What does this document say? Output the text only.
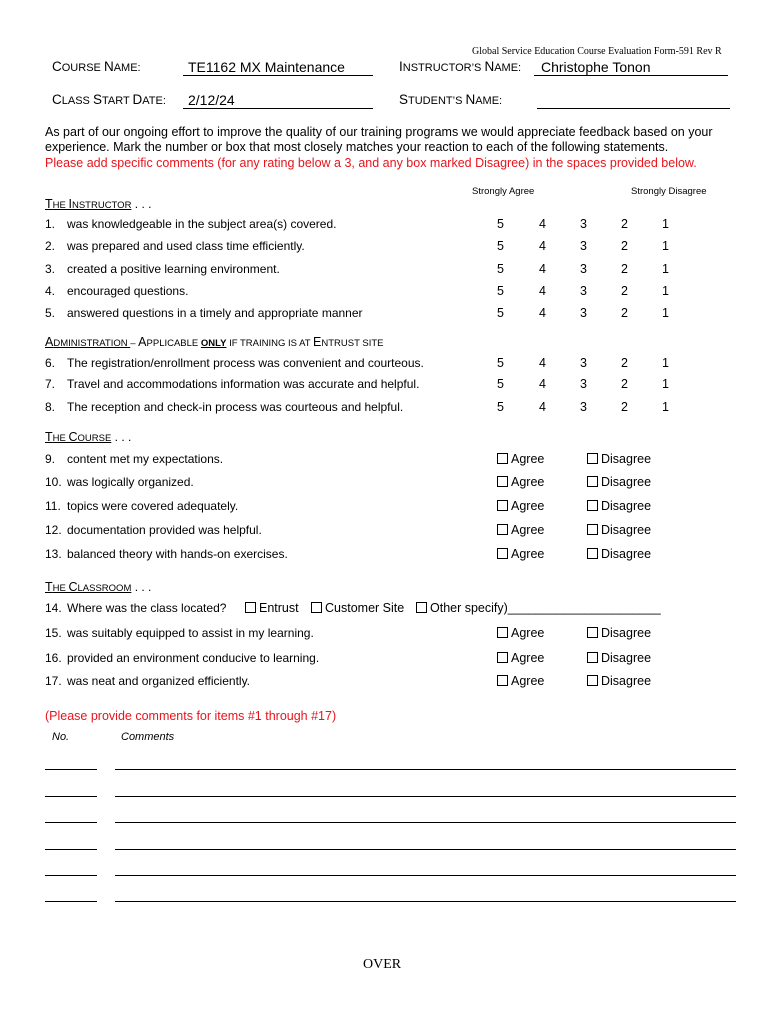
Global Service Education Course Evaluation Form-591 Rev R
COURSE NAME:	TE1162 MX Maintenance	INSTRUCTOR’S NAME: Christophe Tonon
CLASS START DATE: 2/12/24	STUDENT’S NAME:
As part of our ongoing effort to improve the quality of our training programs we would appreciate feedback based on your
experience. Mark the number or box that most closely matches your reaction to each of the following statements.
Please add specific comments (for any rating below a 3, and any box marked Disagree) in the spaces provided below.
Strongly Agree	Strongly Disagree
THE INSTRUCTOR . . .
1. was knowledgeable in the subject area(s) covered.	5	4	3	2	1
2. was prepared and used class time efficiently.	5	4	3	2	1
3. created a positive learning environment.	5	4	3	2	1
4. encouraged questions.	5	4	3	2	1
5. answered questions in a timely and appropriate manner	5	4	3	2	1
ADMINISTRATION – APPLICABLE ONLY IF TRAINING IS AT ENTRUST SITE
6. The registration/enrollment process was convenient and courteous.	5	4	3	2	1
7. Travel and accommodations information was accurate and helpful.	5	4	3	2	1
8. The reception and check-in process was courteous and helpful.	5	4	3	2	1
THE COURSE . . .
9. content met my expectations.	Agree	Disagree
10. was logically organized.	Agree	Disagree
11. topics were covered adequately.	Agree	Disagree
12. documentation provided was helpful.	Agree	Disagree
13. balanced theory with hands-on exercises.	Agree	Disagree
THE CLASSROOM . . .
14. Where was the class located?	Entrust	Customer Site	Other specify)______________________
15. was suitably equipped to assist in my learning.	Agree	Disagree
16. provided an environment conducive to learning.	Agree	Disagree
17. was neat and organized efficiently.	Agree	Disagree
(Please provide comments for items #1 through #17)
No.	Comments
OVER
